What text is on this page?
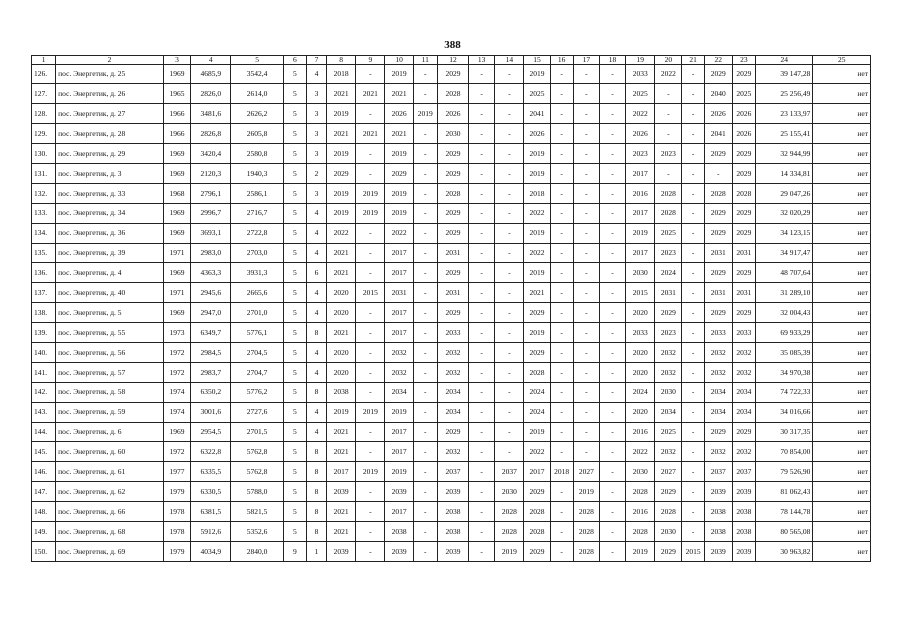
388
1	2	3	4	5	6	7	8	9	10	11	12	13	14	15	16	17	18	19	20	21	22	23	24	25
126.	пос. Энергетик, д. 25	1969	4685,9	3542,4	5	4	2018	-	2019	-	2029	-	-	2019	-	-	-	2033	2022	-	2029	2029	39 147,28	нет
127.	пос. Энергетик, д. 26	1965	2826,0	2614,0	5	3	2021	2021	2021	-	2028	-	-	2025	-	-	-	2025	-	-	2040	2025	25 256,49	нет
128.	пос. Энергетик, д. 27	1966	3481,6	2626,2	5	3	2019	-	2026	2019	2026	-	-	2041	-	-	-	2022	-	-	2026	2026	23 133,97	нет
129.	пос. Энергетик, д. 28	1966	2826,8	2605,8	5	3	2021	2021	2021	-	2030	-	-	2026	-	-	-	2026	-	-	2041	2026	25 155,41	нет
130.	пос. Энергетик, д. 29	1969	3420,4	2580,8	5	3	2019	-	2019	-	2029	-	-	2019	-	-	-	2023	2023	-	2029	2029	32 944,99	нет
131.	пос. Энергетик, д. 3	1969	2120,3	1940,3	5	2	2029	-	2029	-	2029	-	-	2019	-	-	-	2017	-	-	-	2029	14 334,81	нет
132.	пос. Энергетик, д. 33	1968	2796,1	2586,1	5	3	2019	2019	2019	-	2028	-	-	2018	-	-	-	2016	2028	-	2028	2028	29 047,26	нет
133.	пос. Энергетик, д. 34	1969	2996,7	2716,7	5	4	2019	2019	2019	-	2029	-	-	2022	-	-	-	2017	2028	-	2029	2029	32 020,29	нет
134.	пос. Энергетик, д. 36	1969	3693,1	2722,8	5	4	2022	-	2022	-	2029	-	-	2019	-	-	-	2019	2025	-	2029	2029	34 123,15	нет
135.	пос. Энергетик, д. 39	1971	2983,0	2703,0	5	4	2021	-	2017	-	2031	-	-	2022	-	-	-	2017	2023	-	2031	2031	34 917,47	нет
136.	пос. Энергетик, д. 4	1969	4363,3	3931,3	5	6	2021	-	2017	-	2029	-	-	2019	-	-	-	2030	2024	-	2029	2029	48 707,64	нет
137.	пос. Энергетик, д. 40	1971	2945,6	2665,6	5	4	2020	2015	2031	-	2031	-	-	2021	-	-	-	2015	2031	-	2031	2031	31 289,10	нет
138.	пос. Энергетик, д. 5	1969	2947,0	2701,0	5	4	2020	-	2017	-	2029	-	-	2029	-	-	-	2020	2029	-	2029	2029	32 004,43	нет
139.	пос. Энергетик, д. 55	1973	6349,7	5776,1	5	8	2021	-	2017	-	2033	-	-	2019	-	-	-	2033	2023	-	2033	2033	69 933,29	нет
140.	пос. Энергетик, д. 56	1972	2984,5	2704,5	5	4	2020	-	2032	-	2032	-	-	2029	-	-	-	2020	2032	-	2032	2032	35 085,39	нет
141.	пос. Энергетик, д. 57	1972	2983,7	2704,7	5	4	2020	-	2032	-	2032	-	-	2028	-	-	-	2020	2032	-	2032	2032	34 970,38	нет
142.	пос. Энергетик, д. 58	1974	6350,2	5776,2	5	8	2038	-	2034	-	2034	-	-	2024	-	-	-	2024	2030	-	2034	2034	74 722,33	нет
143.	пос. Энергетик, д. 59	1974	3001,6	2727,6	5	4	2019	2019	2019	-	2034	-	-	2024	-	-	-	2020	2034	-	2034	2034	34 016,66	нет
144.	пос. Энергетик, д. 6	1969	2954,5	2701,5	5	4	2021	-	2017	-	2029	-	-	2019	-	-	-	2016	2025	-	2029	2029	30 317,35	нет
145.	пос. Энергетик, д. 60	1972	6322,8	5762,8	5	8	2021	-	2017	-	2032	-	-	2022	-	-	-	2022	2032	-	2032	2032	70 854,00	нет
146.	пос. Энергетик, д. 61	1977	6335,5	5762,8	5	8	2017	2019	2019	-	2037	-	2037	2017	2018	2027	-	2030	2027	-	2037	2037	79 526,90	нет
147.	пос. Энергетик, д. 62	1979	6330,5	5788,0	5	8	2039	-	2039	-	2039	-	2030	2029	-	2019	-	2028	2029	-	2039	2039	81 062,43	нет
148.	пос. Энергетик, д. 66	1978	6381,5	5821,5	5	8	2021	-	2017	-	2038	-	2028	2028	-	2028	-	2016	2028	-	2038	2038	78 144,78	нет
149.	пос. Энергетик, д. 68	1978	5912,6	5352,6	5	8	2021	-	2038	-	2038	-	2028	2028	-	2028	-	2028	2030	-	2038	2038	80 565,08	нет
150.	пос. Энергетик, д. 69	1979	4034,9	2840,0	9	1	2039	-	2039	-	2039	-	2019	2029	-	2028	-	2019	2029	2015	2039	2039	30 963,82	нет
